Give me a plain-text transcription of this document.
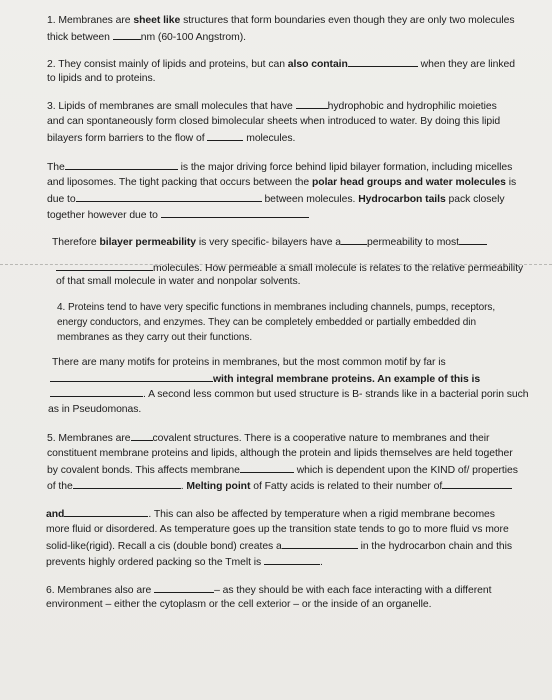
1. Membranes are sheet like structures that form boundaries even though they are only two molecules
thick between	nm (60-100 Angstrom).
2. They consist mainly of lipids and proteins, but can also contain	when they are linked
to lipids and to proteins.
3. Lipids of membranes are small molecules that have	hydrophobic and hydrophilic moieties
and can spontaneously form closed bimolecular sheets when introduced to water. By doing this lipid
bilayers form barriers to the flow of	molecules.
The	is the major driving force behind lipid bilayer formation, including micelles
and liposomes. The tight packing that occurs between the polar head groups and water molecules is
due to	between molecules. Hydrocarbon tails pack closely
together however due to
Therefore bilayer permeability is very specific- bilayers have a	permeability to most
molecules. How permeable a small molecule is relates to the relative permeability
of that small molecule in water and nonpolar solvents.
4. Proteins tend to have very specific functions in membranes including channels, pumps, receptors,
energy conductors, and enzymes. They can be completely embedded or partially embedded din
membranes as they carry out their functions.
There are many motifs for proteins in membranes, but the most common motif by far is
with integral membrane proteins. An example of this is
. A second less common but used structure is B- strands like in a bacterial porin such
as in Pseudomonas.
5. Membranes are covalent structures. There is a cooperative nature to membranes and their
constituent membrane proteins and lipids, although the protein and lipids themselves are held together
by covalent bonds. This affects membrane	which is dependent upon the KIND of/ properties
of the	. Melting point of Fatty acids is related to their number of
and	. This can also be affected by temperature when a rigid membrane becomes
more fluid or disordered. As temperature goes up the transition state tends to go to more fluid vs more
solid-like(rigid). Recall a cis (double bond) creates a	in the hydrocarbon chain and this
prevents highly ordered packing so the Tmelt is	.
6. Membranes also are	– as they should be with each face interacting with a different
environment – either the cytoplasm or the cell exterior – or the inside of an organelle.
